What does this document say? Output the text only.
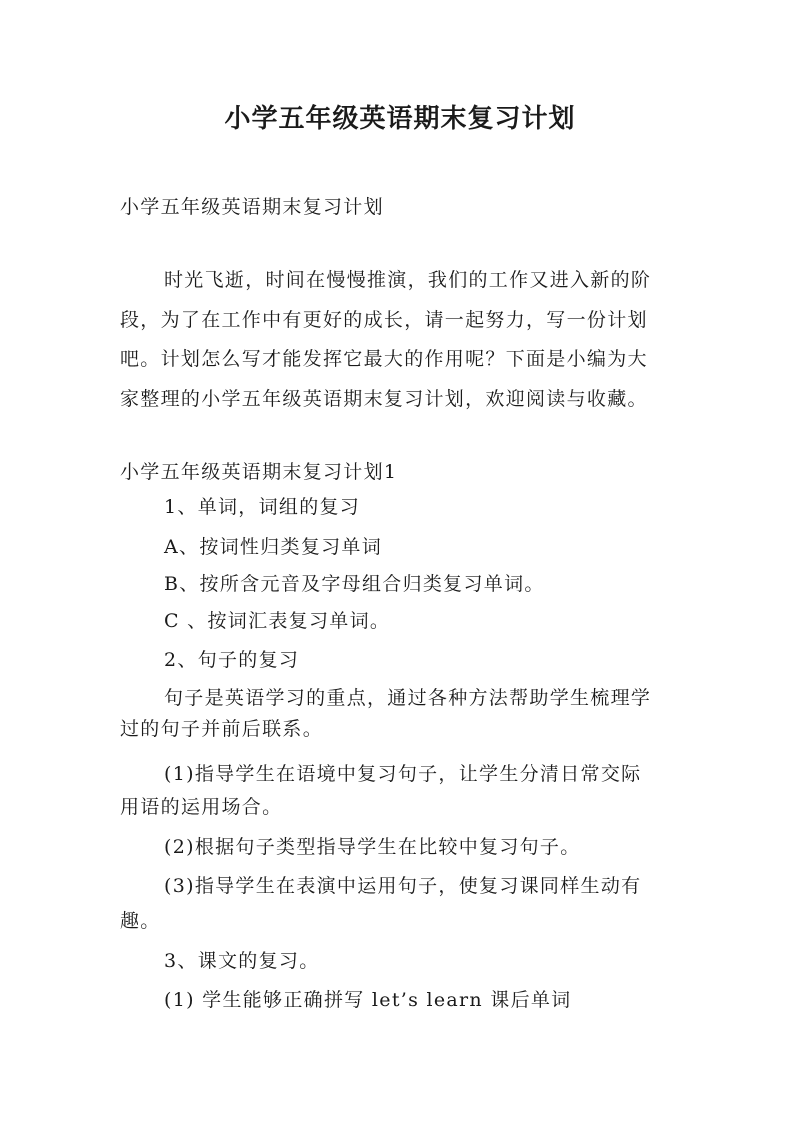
小学五年级英语期末复习计划
小学五年级英语期末复习计划
时光飞逝，时间在慢慢推演，我们的工作又进入新的阶
段，为了在工作中有更好的成长，请一起努力，写一份计划
吧。计划怎么写才能发挥它最大的作用呢？下面是小编为大
家整理的小学五年级英语期末复习计划，欢迎阅读与收藏。
小学五年级英语期末复习计划1
1、单词，词组的复习
A、按词性归类复习单词
B、按所含元音及字母组合归类复习单词。
C 、按词汇表复习单词。
2、句子的复习
句子是英语学习的重点，通过各种方法帮助学生梳理学
过的句子并前后联系。
(1)指导学生在语境中复习句子，让学生分清日常交际
用语的运用场合。
(2)根据句子类型指导学生在比较中复习句子。
(3)指导学生在表演中运用句子，使复习课同样生动有
趣。
3、课文的复习。
(1) 学生能够正确拼写 let’s learn 课后单词
